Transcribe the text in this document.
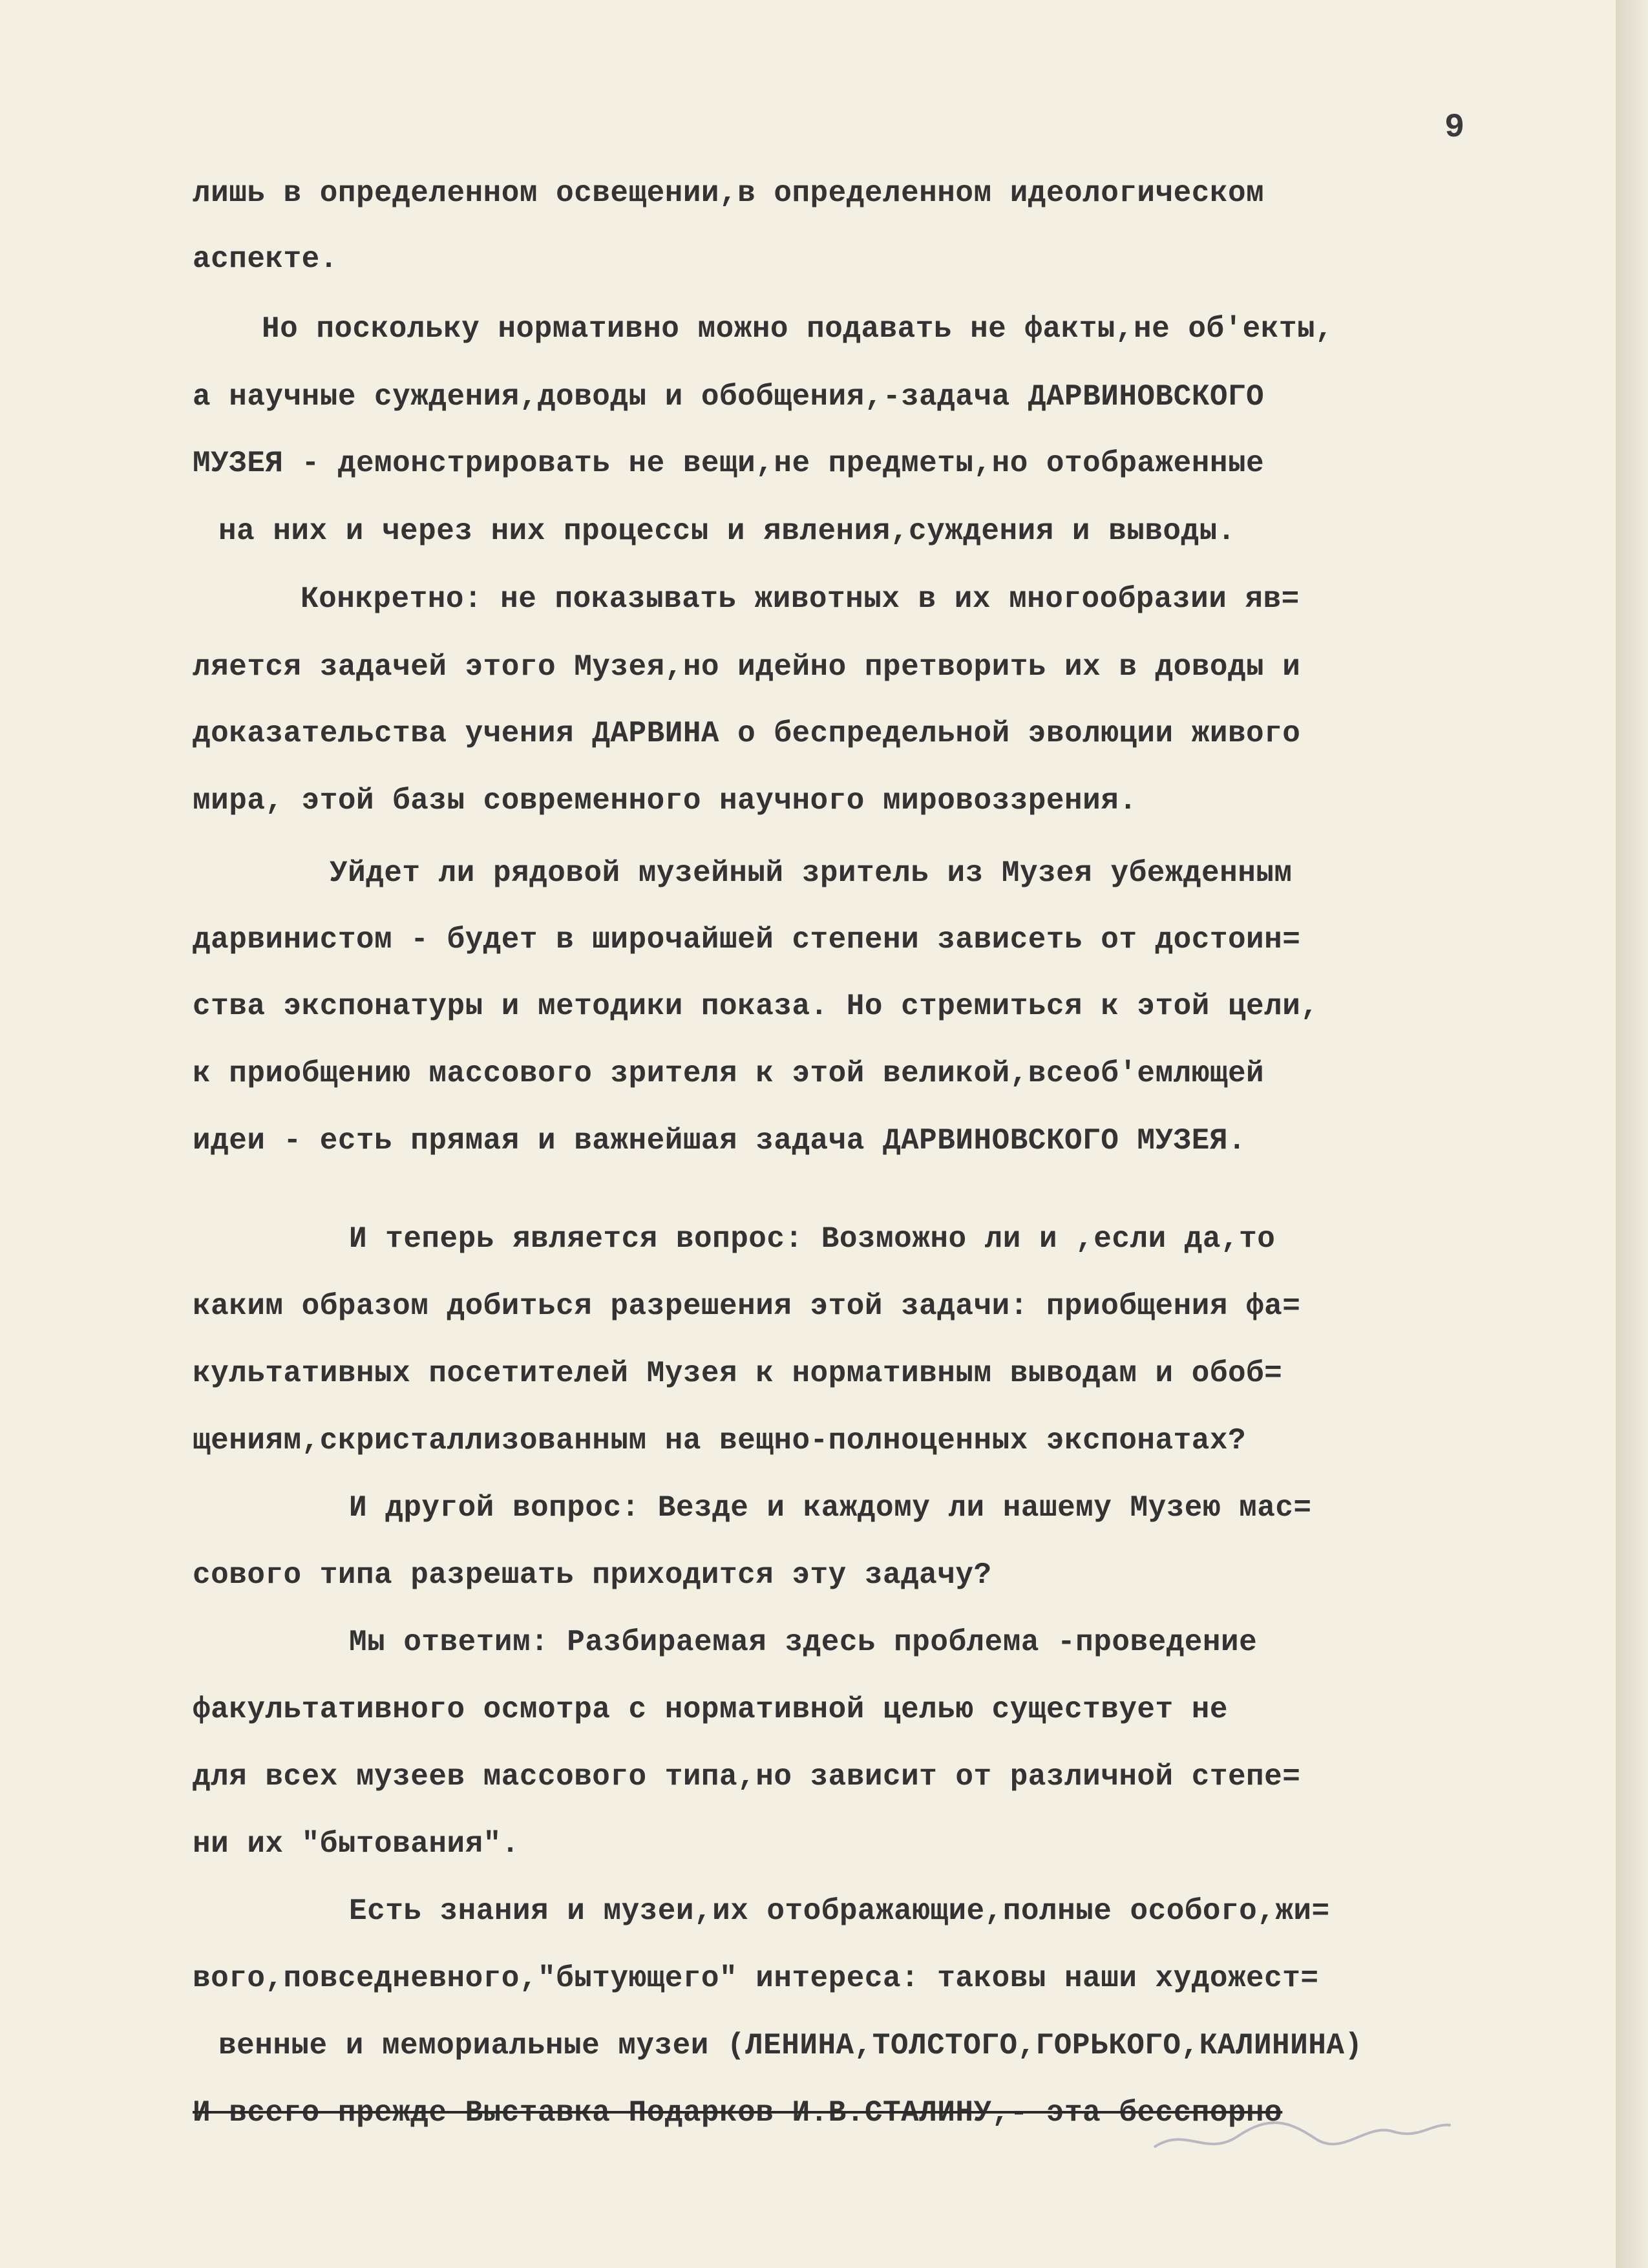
9
лишь в определенном освещении,в определенном идеологическом
аспекте.
Но поскольку нормативно можно подавать не факты,не об'екты,
а научные суждения,доводы и обобщения,-задача ДАРВИНОВСКОГО
МУЗЕЯ - демонстрировать не вещи,не предметы,но отображенные
на них и через них процессы и явления,суждения и выводы.
Конкретно: не показывать животных в их многообразии яв=
ляется задачей этого Музея,но идейно претворить их в доводы и
доказательства учения ДАРВИНА о беспредельной эволюции живого
мира, этой базы современного научного мировоззрения.
Уйдет ли рядовой музейный зритель из Музея убежденным
дарвинистом - будет в широчайшей степени зависеть от достоин=
ства экспонатуры и методики показа. Но стремиться к этой цели,
к приобщению массового зрителя к этой великой,всеоб'емлющей
идеи - есть прямая и важнейшая задача ДАРВИНОВСКОГО МУЗЕЯ.
И теперь является вопрос: Возможно ли и ,если да,то
каким образом добиться разрешения этой задачи: приобщения фа=
культативных посетителей Музея к нормативным выводам и обоб=
щениям,скристаллизованным на вещно-полноценных экспонатах?
И другой вопрос: Везде и каждому ли нашему Музею мас=
сового типа разрешать приходится эту задачу?
Мы ответим: Разбираемая здесь проблема -проведение
факультативного осмотра с нормативной целью существует не
для всех музеев массового типа,но зависит от различной степе=
ни их "бытования".
Есть знания и музеи,их отображающие,полные особого,жи=
вого,повседневного,"бытующего" интереса: таковы наши художест=
венные и мемориальные музеи (ЛЕНИНА,ТОЛСТОГО,ГОРЬКОГО,КАЛИНИНА)
И всего прежде Выставка Подарков И.В.СТАЛИНУ,- эта бесспорно
